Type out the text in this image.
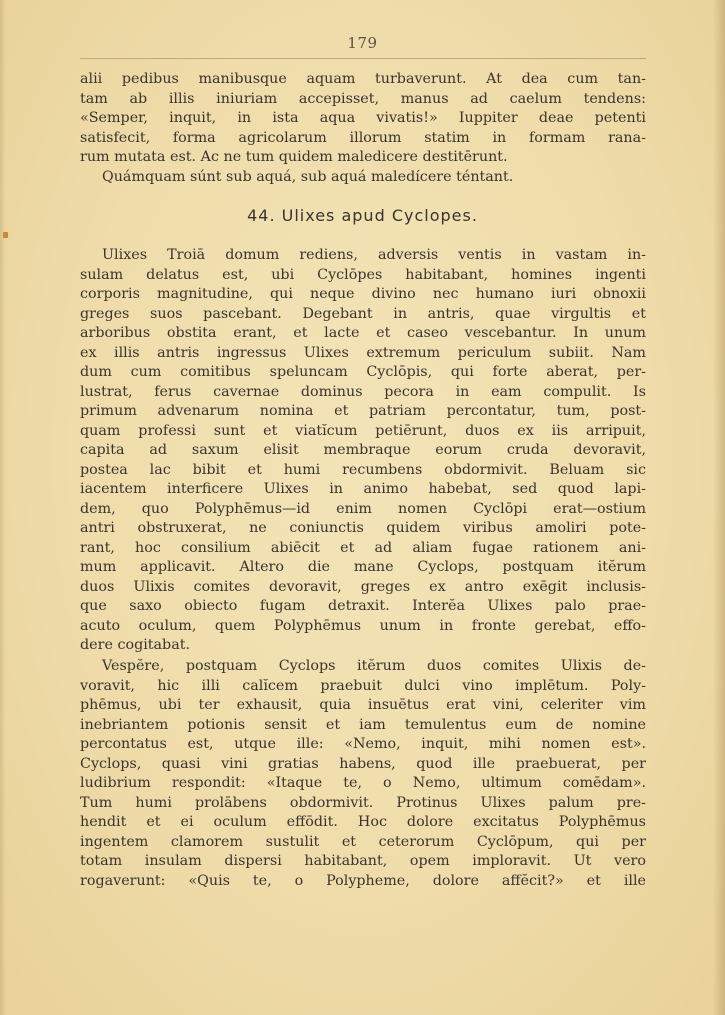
179
alii pedibus manibusque aquam turbaverunt. At dea cum tan-
tam ab illis iniuriam accepisset, manus ad caelum tendens:
«Semper, inquit, in ista aqua vivatis!» Iuppiter deae petenti
satisfecit, forma agricolarum illorum statim in formam rana-
rum mutata est. Ac ne tum quidem maledicere destitērunt.
Quámquam súnt sub aquá, sub aquá maledícere téntant.
44. Ulixes apud Cyclopes.
Ulixes Troiā domum rediens, adversis ventis in vastam in-
sulam delatus est, ubi Cyclōpes habitabant, homines ingenti
corporis magnitudine, qui neque divino nec humano iuri obnoxii
greges suos pascebant. Degebant in antris, quae virgultis et
arboribus obstita erant, et lacte et caseo vescebantur. In unum
ex illis antris ingressus Ulixes extremum periculum subiit. Nam
dum cum comitibus speluncam Cyclōpis, qui forte aberat, per-
lustrat, ferus cavernae dominus pecora in eam compulit. Is
primum advenarum nomina et patriam percontatur, tum, post-
quam professi sunt et viatĭcum petiērunt, duos ex iis arripuit,
capita ad saxum elisit membraque eorum cruda devoravit,
postea lac bibit et humi recumbens obdormivit. Beluam sic
iacentem interficere Ulixes in animo habebat, sed quod lapi-
dem, quo Polyphēmus—id enim nomen Cyclōpi erat—ostium
antri obstruxerat, ne coniunctis quidem viribus amoliri pote-
rant, hoc consilium abiēcit et ad aliam fugae rationem ani-
mum applicavit. Altero die mane Cyclops, postquam itĕrum
duos Ulixis comites devoravit, greges ex antro exēgit inclusis-
que saxo obiecto fugam detraxit. Interĕa Ulixes palo prae-
acuto oculum, quem Polyphēmus unum in fronte gerebat, effo-
dere cogitabat.
Vespĕre, postquam Cyclops itĕrum duos comites Ulixis de-
voravit, hic illi calĭcem praebuit dulci vino implētum. Poly-
phēmus, ubi ter exhausit, quia insuētus erat vini, celeriter vim
inebriantem potionis sensit et iam temulentus eum de nomine
percontatus est, utque ille: «Nemo, inquit, mihi nomen est».
Cyclops, quasi vini gratias habens, quod ille praebuerat, per
ludibrium respondit: «Itaque te, o Nemo, ultimum comēdam».
Tum humi prolābens obdormivit. Protinus Ulixes palum pre-
hendit et ei oculum effōdit. Hoc dolore excitatus Polyphēmus
ingentem clamorem sustulit et ceterorum Cyclōpum, qui per
totam insulam dispersi habitabant, opem imploravit. Ut vero
rogaverunt: «Quis te, o Polypheme, dolore affĕcit?» et ille
